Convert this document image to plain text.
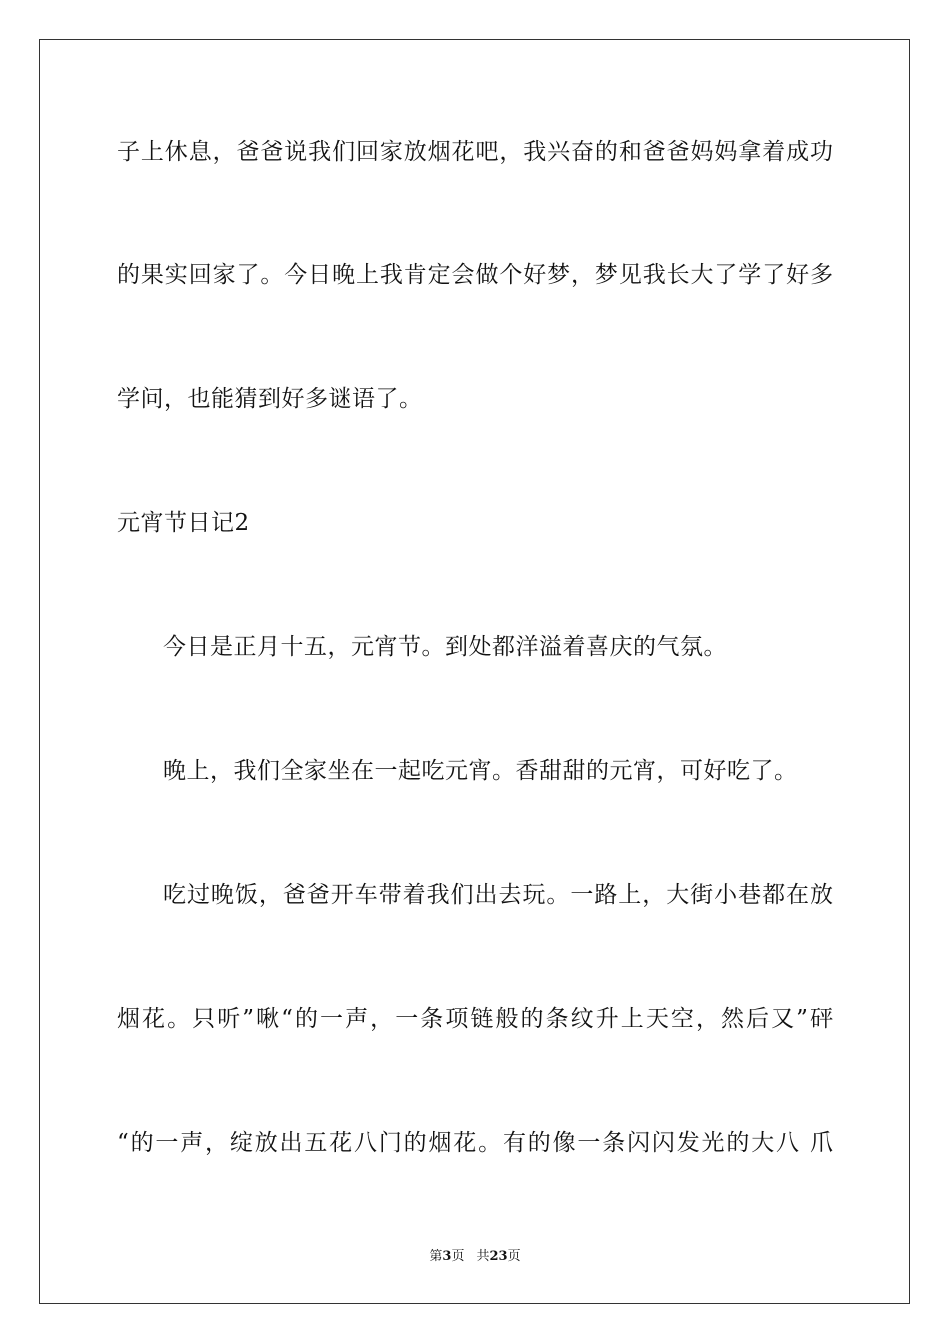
子上休息，爸爸说我们回家放烟花吧，我兴奋的和爸爸妈妈拿着成功
的果实回家了。今日晚上我肯定会做个好梦，梦见我长大了学了好多
学问，也能猜到好多谜语了。
元宵节日记2
今日是正月十五，元宵节。到处都洋溢着喜庆的气氛。
晚上，我们全家坐在一起吃元宵。香甜甜的元宵，可好吃了。
吃过晚饭，爸爸开车带着我们出去玩。一路上，大街小巷都在放
烟花。只听”啾“的一声，一条项链般的条纹升上天空，然后又”砰
“的一声，绽放出五花八门的烟花。有的像一条闪闪发光的大八 爪
第3页 共23页
